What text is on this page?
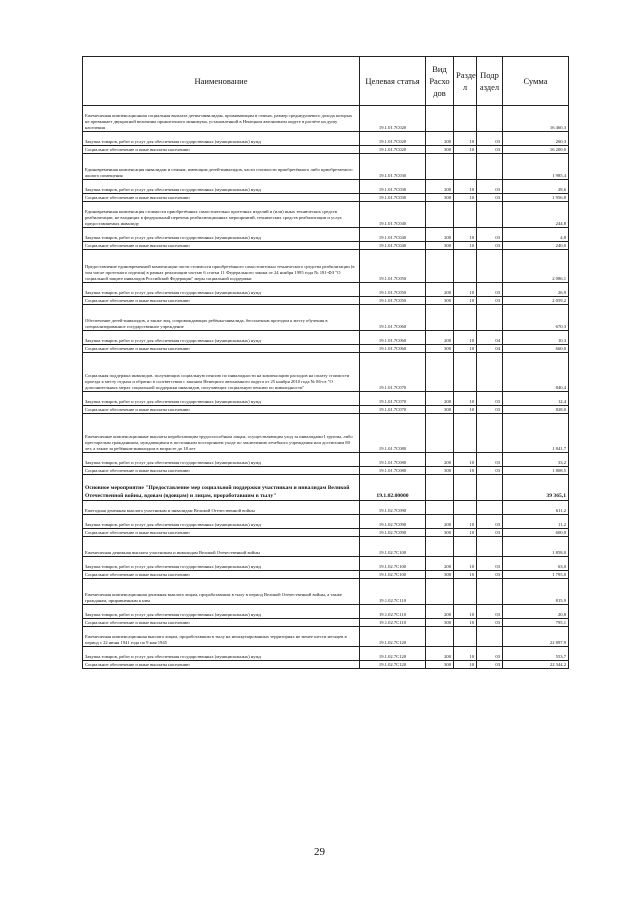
Наименование	Целевая статья	Вид Расхо дов	Разде л	Подр аздел	Сумма
Ежемесячная компенсационная социальная выплата детям-инвалидам, проживающим в семьях, размер среднедушевого дохода которых не превышает двукратной величины прожиточного минимума, установленной в Ненецком автономном округе в расчёте на душу населения	19.1.01.7С020				16 460,3
Закупка товаров, работ и услуг для обеспечения государственных (муниципальных) нужд	19.1.01.7С020	200	10	03	260,3
Социальное обеспечение и иные выплаты населению	19.1.01.7С020	300	10	03	16 200,0
Единовременная компенсация инвалидам и семьям, имеющим детей-инвалидов, части стоимости приобретённого либо приобретаемого жилого помещения	19.1.01.7С030				1 985,4
Закупка товаров, работ и услуг для обеспечения государственных (муниципальных) нужд	19.1.01.7С030	200	10	03	28,6
Социальное обеспечение и иные выплаты населению	19.1.01.7С030	300	10	03	1 956,8
Единовременная компенсация стоимости приобретённых самостоятельно протезных изделий и (или) иных технических средств реабилитации, не входящих в федеральный перечень реабилитационных мероприятий, технических средств реабилитации и услуг, предоставляемых инвалиду	19.1.01.7С040				244,8
Закупка товаров, работ и услуг для обеспечения государственных (муниципальных) нужд	19.1.01.7С040	200	10	03	4,8
Социальное обеспечение и иные выплаты населению	19.1.01.7С040	300	10	03	240,0
Предоставление единовременной компенсации части стоимости приобретённого самостоятельно технического средства реабилитации (в том числе протезного изделия) в рамках реализации частью 6 статьи 11 Федерального закона от 24 ноября 1995 года № 181-ФЗ "О социальной защите инвалидов Российской Федерации" меры социальной поддержки	19.1.01.7С050				2 086,1
Закупка товаров, работ и услуг для обеспечения государственных (муниципальных) нужд	19.1.01.7С050	200	10	03	26,9
Социальное обеспечение и иные выплаты населению	19.1.01.7С050	300	10	03	2 059,2
Обеспечение детей-инвалидов, а также лиц, сопровождающих ребёнка-инвалида, бесплатным проездом к месту обучения в специализированное государственное учреждение	19.1.01.7С060				670,3
Закупка товаров, работ и услуг для обеспечения государственных (муниципальных) нужд	19.1.01.7С060	200	10	04	10,3
Социальное обеспечение и иные выплаты населению	19.1.01.7С060	300	10	04	660,0
Социальная поддержка инвалидов, получающих социальную пенсию по инвалидности на компенсацию расходов на оплату стоимости проезда к месту отдыха и обратно в соответствии с законом Ненецкого автономного округа от 25 ноября 2010 года № 86-оз "О дополнительных мерах социальной поддержки инвалидов, получающих социальную пенсию по инвалидности"	19.1.01.7С070				840,4
Закупка товаров, работ и услуг для обеспечения государственных (муниципальных) нужд	19.1.01.7С070	200	10	03	12,4
Социальное обеспечение и иные выплаты населению	19.1.01.7С070	300	10	03	828,0
Ежемесячные компенсационные выплаты неработающим трудоспособным лицам, осуществляющим уход за инвалидами I группы, либо престарелым гражданином, нуждающимся в постоянном постороннем уходе по заключению лечебного учреждения или достигшим 80 лет, а также за ребёнком-инвалидом в возрасте до 18 лет	19.1.01.7С080				1 841,7
Закупка товаров, работ и услуг для обеспечения государственных (муниципальных) нужд	19.1.01.7С080	200	10	03	33,2
Социальное обеспечение и иные выплаты населению	19.1.01.7С080	300	10	03	1 808,5
Основное мероприятие "Предоставление мер социальной поддержки участникам и инвалидам Великой Отечественной войны, вдовам (вдовцам) и лицам, проработавшим в тылу"	19.1.02.00000				39 365,1
Ежегодная денежная выплата участникам и инвалидам Великой Отечественной войны	19.1.02.7С090				611,2
Закупка товаров, работ и услуг для обеспечения государственных (муниципальных) нужд	19.1.02.7С090	200	10	03	11,2
Социальное обеспечение и иные выплаты населению	19.1.02.7С090	300	10	03	600,0
Ежемесячная денежная выплата участникам и инвалидам Великой Отечественной войны	19.1.02.7С100				1 858,0
Закупка товаров, работ и услуг для обеспечения государственных (муниципальных) нужд	19.1.02.7С100	200	10	03	63,0
Социальное обеспечение и иные выплаты населению	19.1.02.7С100	300	10	03	1 795,0
Ежемесячная компенсационная денежная выплата лицам, проработавшим в тылу в период Великой Отечественной войны, а также гражданам, приравненным к ним	19.1.02.7С110				815,9
Закупка товаров, работ и услуг для обеспечения государственных (муниципальных) нужд	19.1.02.7С110	200	10	03	20,8
Социальное обеспечение и иные выплаты населению	19.1.02.7С110	300	10	03	795,1
Ежемесячная компенсационная выплата лицам, проработавшим в тылу на неоккупированных территориях не менее шести месяцев в период с 22 июня 1941 года по 9 мая 1945	19.1.02.7С120				22 897,9
Закупка товаров, работ и услуг для обеспечения государственных (муниципальных) нужд	19.1.02.7С120	200	10	03	553,7
Социальное обеспечение и иные выплаты населению	19.1.02.7С120	300	10	03	22 344,2
29
